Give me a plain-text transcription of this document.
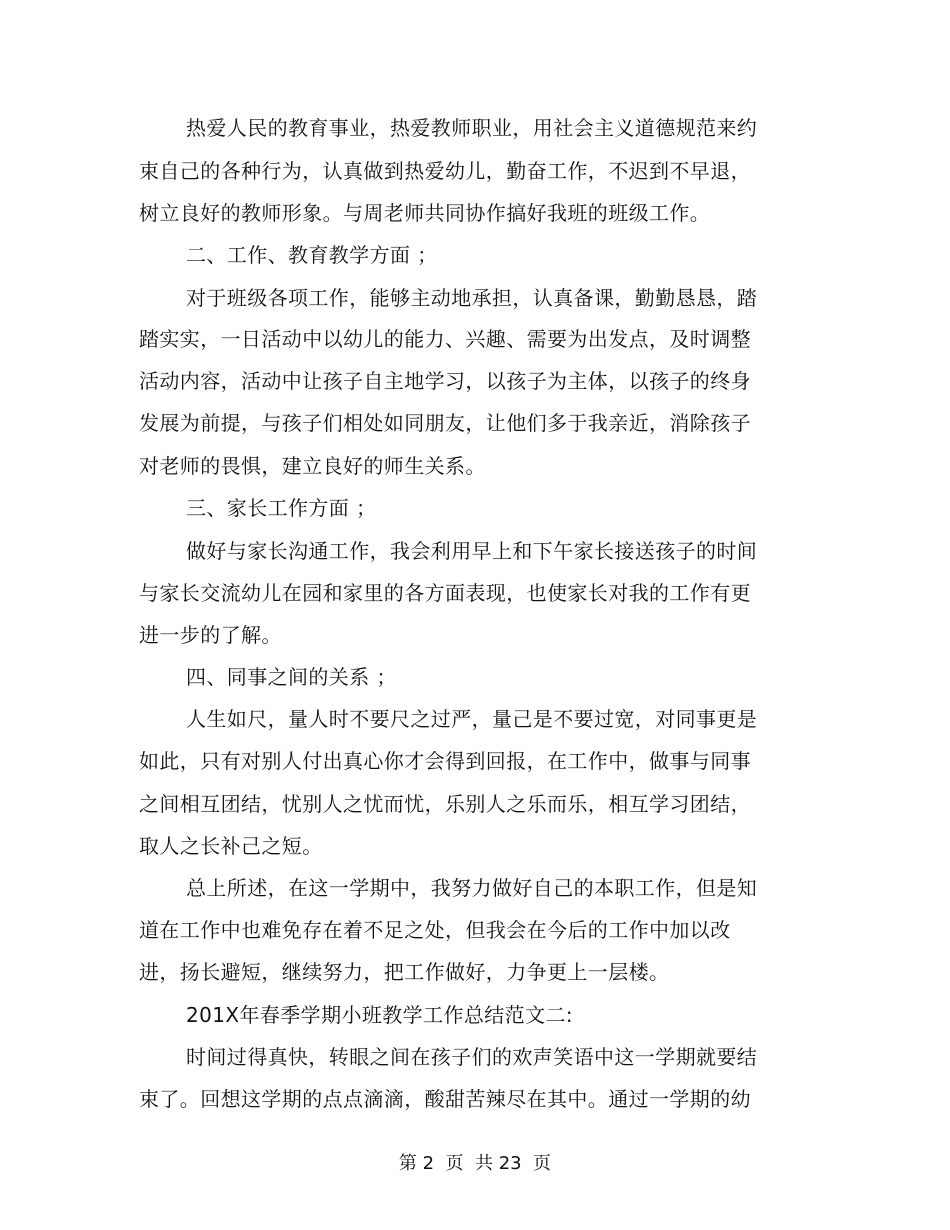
热爱人民的教育事业，热爱教师职业，用社会主义道德规范来约
束自己的各种行为，认真做到热爱幼儿，勤奋工作，不迟到不早退，
树立良好的教师形象。与周老师共同协作搞好我班的班级工作。
二、工作、教育教学方面 ；
对于班级各项工作，能够主动地承担，认真备课，勤勤恳恳，踏
踏实实，一日活动中以幼儿的能力、兴趣、需要为出发点，及时调整
活动内容，活动中让孩子自主地学习，以孩子为主体，以孩子的终身
发展为前提，与孩子们相处如同朋友，让他们多于我亲近，消除孩子
对老师的畏惧，建立良好的师生关系。
三、家长工作方面 ；
做好与家长沟通工作，我会利用早上和下午家长接送孩子的时间
与家长交流幼儿在园和家里的各方面表现，也使家长对我的工作有更
进一步的了解。
四、同事之间的关系 ；
人生如尺，量人时不要尺之过严，量己是不要过宽，对同事更是
如此，只有对别人付出真心你才会得到回报，在工作中，做事与同事
之间相互团结，忧别人之忧而忧，乐别人之乐而乐，相互学习团结，
取人之长补己之短。
总上所述，在这一学期中，我努力做好自己的本职工作，但是知
道在工作中也难免存在着不足之处，但我会在今后的工作中加以改
进，扬长避短，继续努力，把工作做好，力争更上一层楼。
201X年春季学期小班教学工作总结范文二:
时间过得真快，转眼之间在孩子们的欢声笑语中这一学期就要结
束了。回想这学期的点点滴滴，酸甜苦辣尽在其中。通过一学期的幼
第 2  页  共 23  页
